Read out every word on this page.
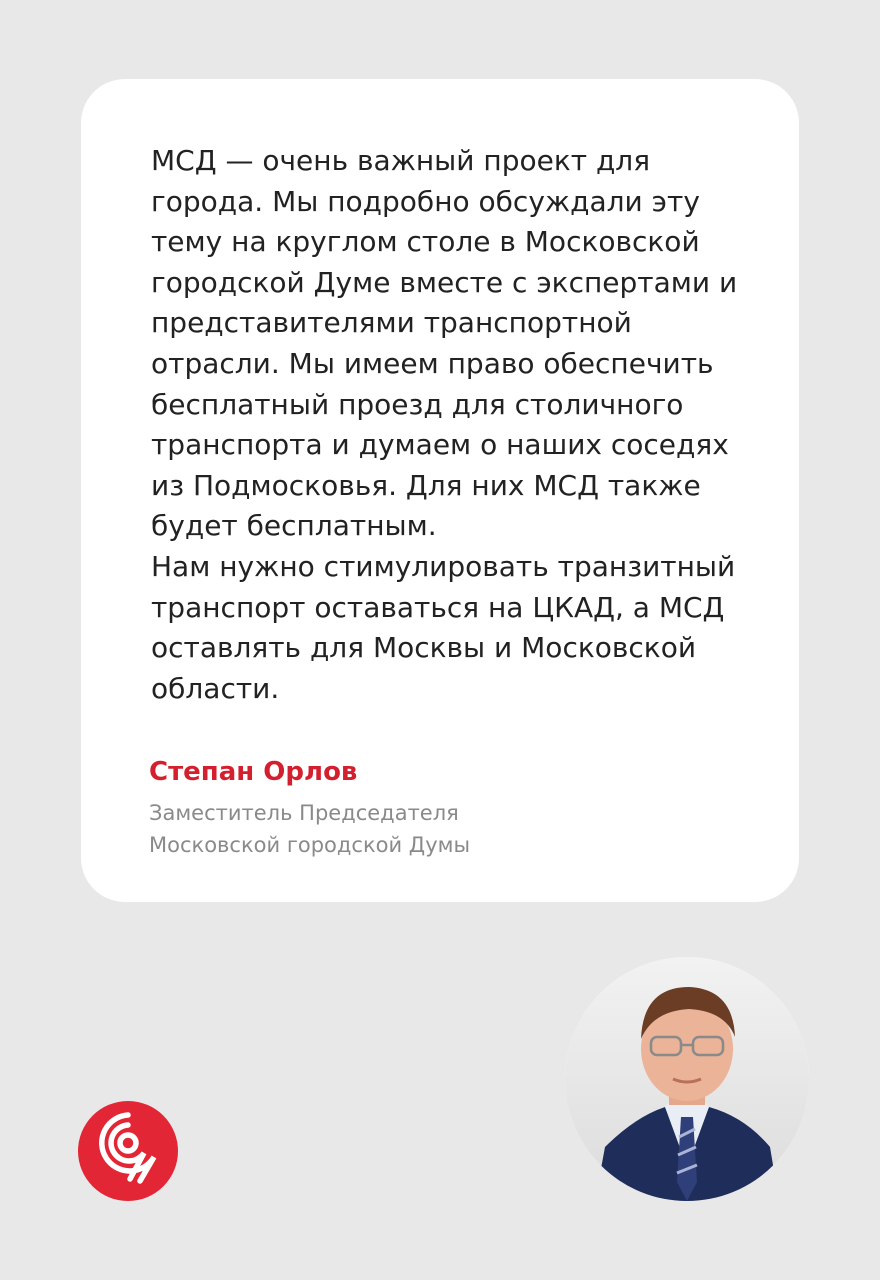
МСД — очень важный проект для города. Мы подробно обсуждали эту тему на круглом столе в Московской городской Думе вместе с экспертами и представителями транспортной отрасли. Мы имеем право обеспечить бесплатный проезд для столичного транспорта и думаем о наших соседях из Подмосковья. Для них МСД также будет бесплатным.

Нам нужно стимулировать транзитный транспорт оставаться на ЦКАД, а МСД оставлять для Москвы и Московской области.

Степан Орлов
Заместитель Председателя
Московской городской Думы
